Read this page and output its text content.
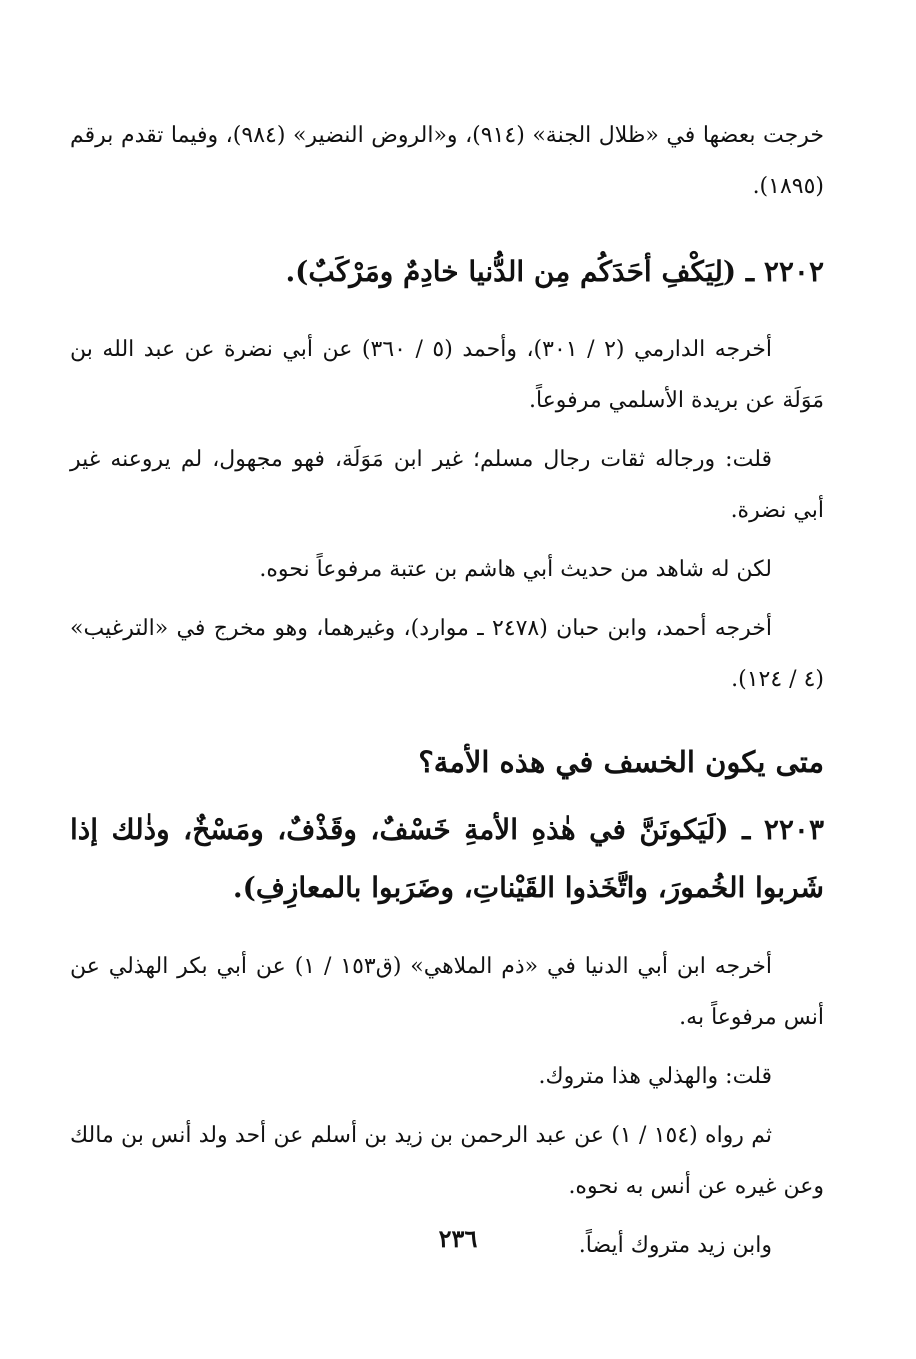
خرجت بعضها في «ظلال الجنة» (٩١٤)، و«الروض النضير» (٩٨٤)، وفيما تقدم برقم (١٨٩٥).

٢٢٠٢ ـ (لِيَكْفِ أحَدَكُم مِن الدُّنيا خادِمٌ ومَرْكَبٌ).

أخرجه الدارمي (٢ / ٣٠١)، وأحمد (٥ / ٣٦٠) عن أبي نضرة عن عبد الله بن مَوَلَة عن بريدة الأسلمي مرفوعاً.

قلت: ورجاله ثقات رجال مسلم؛ غير ابن مَوَلَة، فهو مجهول، لم يروعنه غير أبي نضرة.

لكن له شاهد من حديث أبي هاشم بن عتبة مرفوعاً نحوه.

أخرجه أحمد، وابن حبان (٢٤٧٨ ـ موارد)، وغيرهما، وهو مخرج في «الترغيب» (٤ / ١٢٤).

متى يكون الخسف في هذه الأمة؟

٢٢٠٣ ـ (لَيَكونَنَّ في هٰذهِ الأمةِ خَسْفٌ، وقَذْفٌ، ومَسْخٌ، وذٰلك إذا شَربوا الخُمورَ، واتَّخَذوا القَيْناتِ، وضَرَبوا بالمعازِفِ).

أخرجه ابن أبي الدنيا في «ذم الملاهي» (ق١٥٣ / ١) عن أبي بكر الهذلي عن أنس مرفوعاً به.

قلت: والهذلي هذا متروك.

ثم رواه (١٥٤ / ١) عن عبد الرحمن بن زيد بن أسلم عن أحد ولد أنس بن مالك وعن غيره عن أنس به نحوه.

وابن زيد متروك أيضاً.

٢٣٦
